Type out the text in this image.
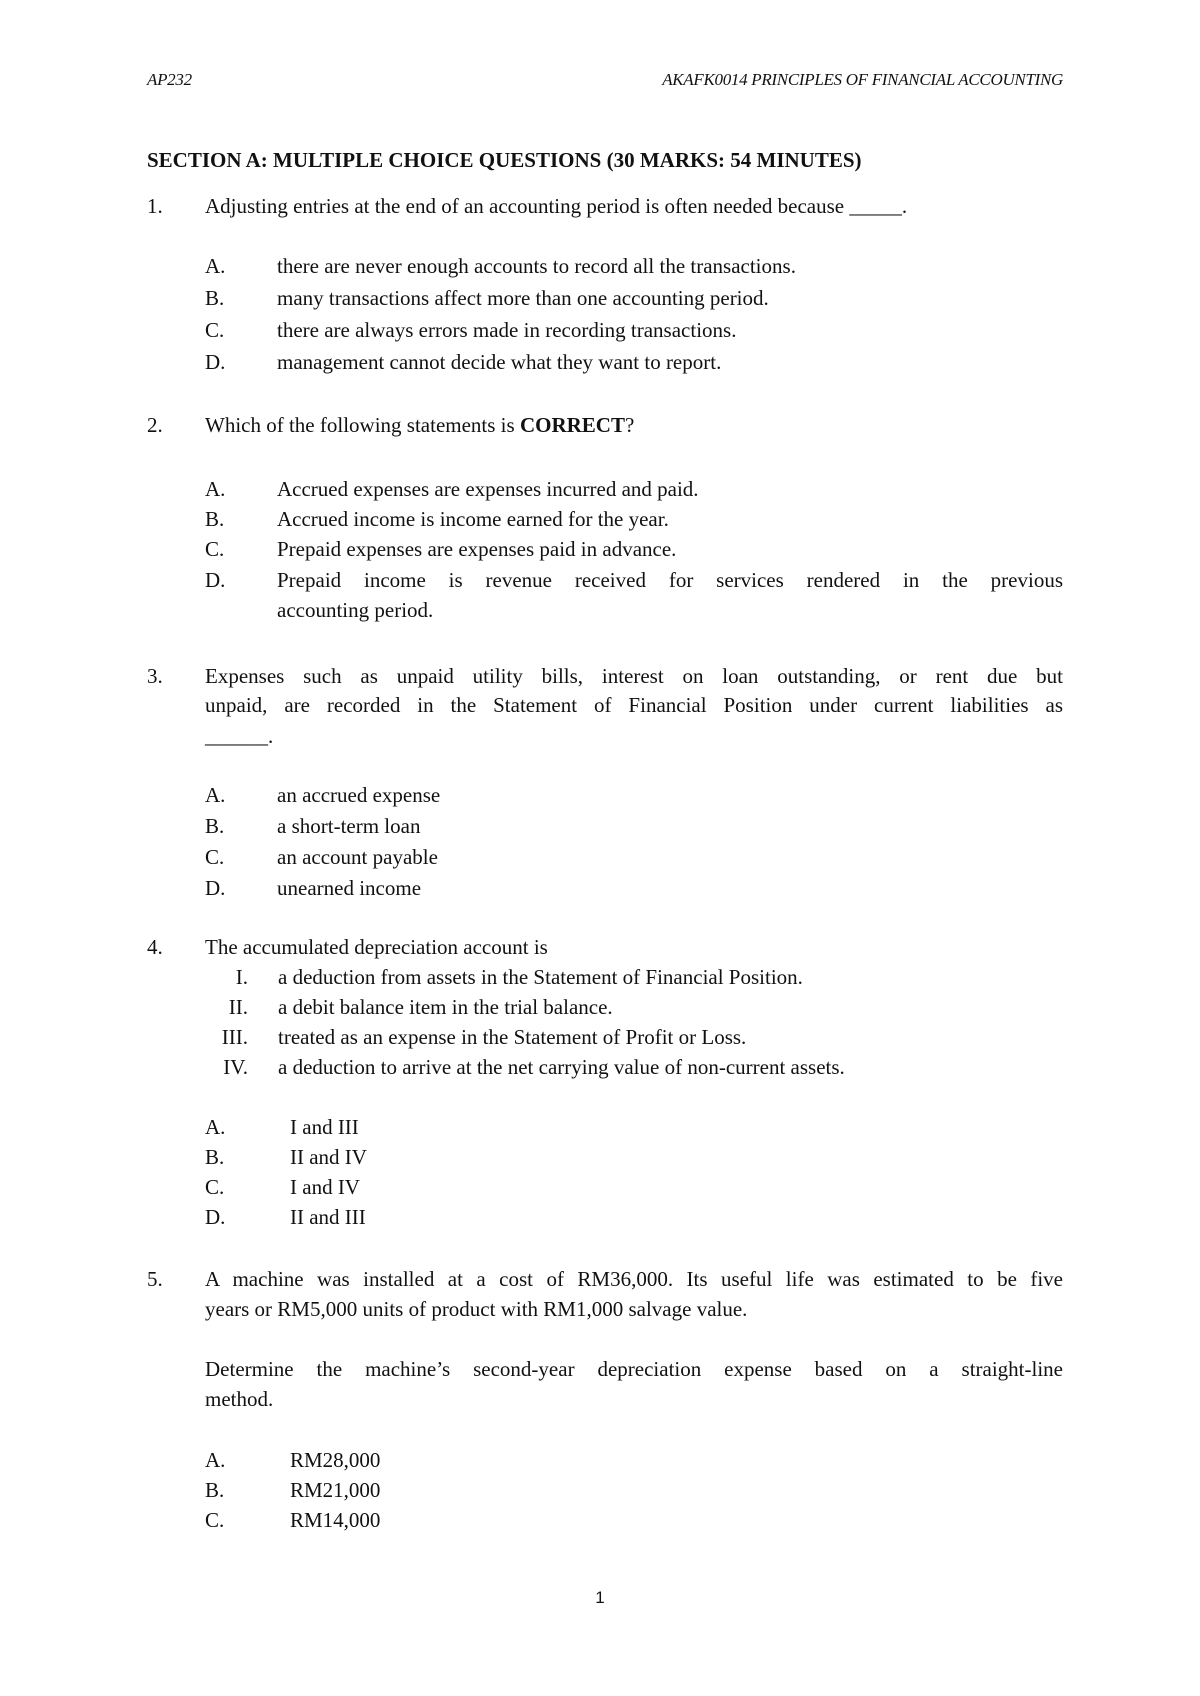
AP232	AKAFK0014 PRINCIPLES OF FINANCIAL ACCOUNTING
SECTION A: MULTIPLE CHOICE QUESTIONS (30 MARKS: 54 MINUTES)
1. Adjusting entries at the end of an accounting period is often needed because _____.
A. there are never enough accounts to record all the transactions.
B.	many transactions affect more than one accounting period.
C.	there are always errors made in recording transactions.
D. management cannot decide what they want to report.
2. Which of the following statements is CORRECT?
A. Accrued expenses are expenses incurred and paid.
B.	Accrued income is income earned for the year.
C.	Prepaid expenses are expenses paid in advance.
D. Prepaid income is revenue received for services rendered in the previous
accounting period.
3. Expenses such as unpaid utility bills, interest on loan outstanding, or rent due but
unpaid, are recorded in the Statement of Financial Position under current liabilities as
______.
A. an accrued expense
B.	a short-term loan
C.	an account payable
D. unearned income
4. The accumulated depreciation account is
I. a deduction from assets in the Statement of Financial Position.
II. a debit balance item in the trial balance.
III. treated as an expense in the Statement of Profit or Loss.
IV. a deduction to arrive at the net carrying value of non-current assets.
A.	I and III
B.	II and IV
C.	I and IV
D.	II and III
5. A machine was installed at a cost of RM36,000. Its useful life was estimated to be five
years or RM5,000 units of product with RM1,000 salvage value.
Determine the machine’s second-year depreciation expense based on a straight-line
method.
A.	RM28,000
B.	RM21,000
C.	RM14,000
1
